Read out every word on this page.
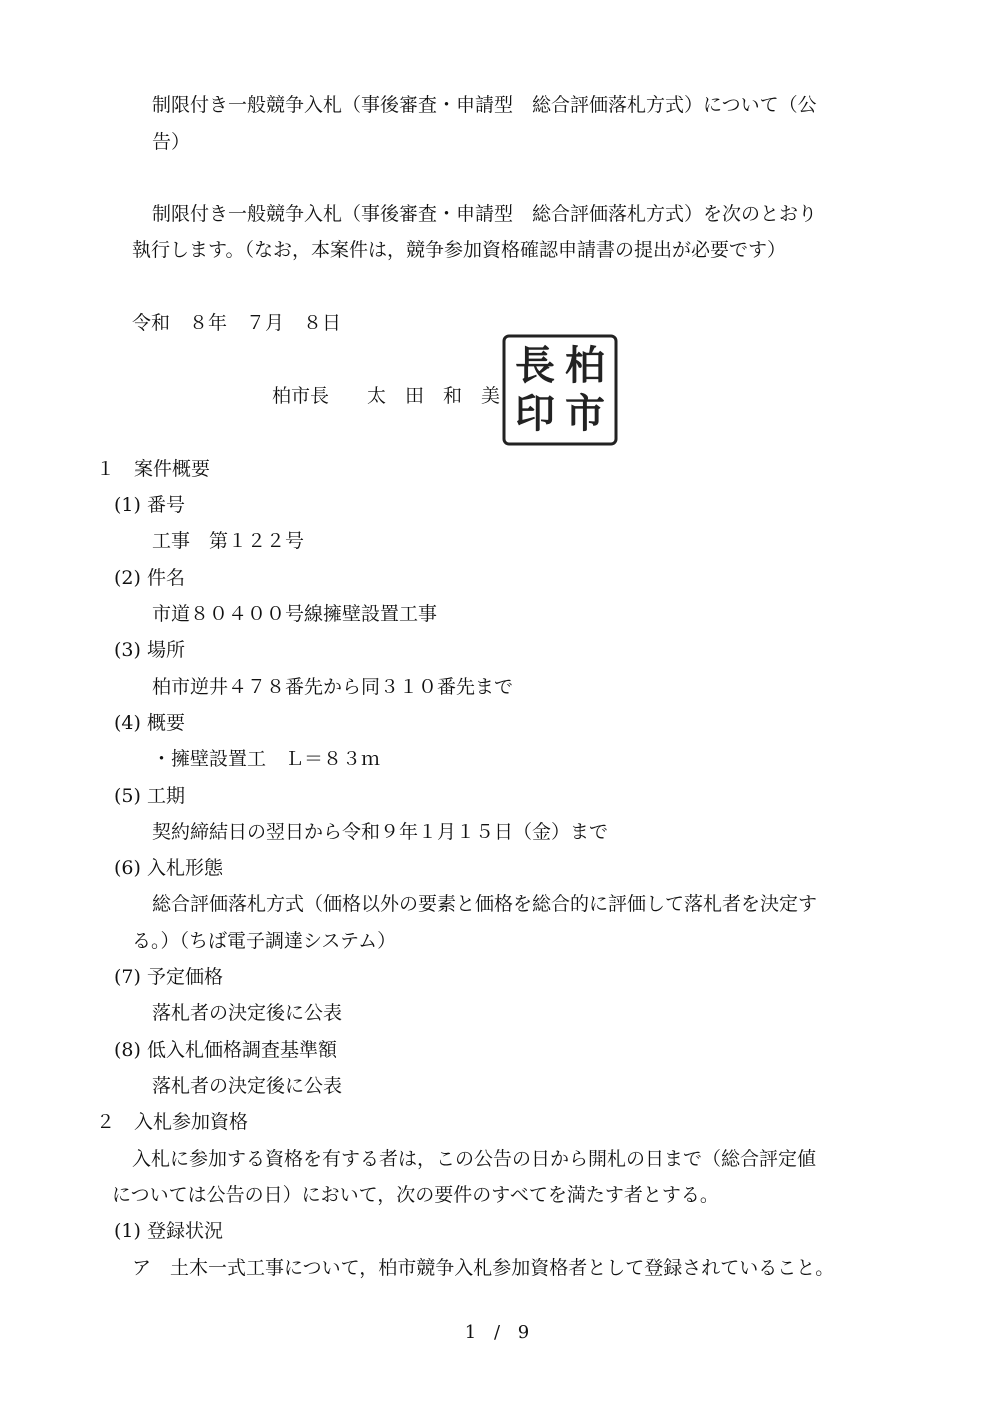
制限付き一般競争入札（事後審査・申請型　総合評価落札方式）について（公
告）
制限付き一般競争入札（事後審査・申請型　総合評価落札方式）を次のとおり
執行します。（なお，本案件は，競争参加資格確認申請書の提出が必要です）
令和　８年　７月　８日
柏市長　　太　田　和　美
長 柏
印 市
１　案件概要
(1) 番号
工事　第１２２号
(2) 件名
市道８０４００号線擁壁設置工事
(3) 場所
柏市逆井４７８番先から同３１０番先まで
(4) 概要
・擁壁設置工　Ｌ＝８３ｍ
(5) 工期
契約締結日の翌日から令和９年１月１５日（金）まで
(6) 入札形態
総合評価落札方式（価格以外の要素と価格を総合的に評価して落札者を決定す
る。）（ちば電子調達システム）
(7) 予定価格
落札者の決定後に公表
(8) 低入札価格調査基準額
落札者の決定後に公表
２　入札参加資格
入札に参加する資格を有する者は，この公告の日から開札の日まで（総合評定値
については公告の日）において，次の要件のすべてを満たす者とする。
(1) 登録状況
ア　土木一式工事について，柏市競争入札参加資格者として登録されていること。
1 / 9
